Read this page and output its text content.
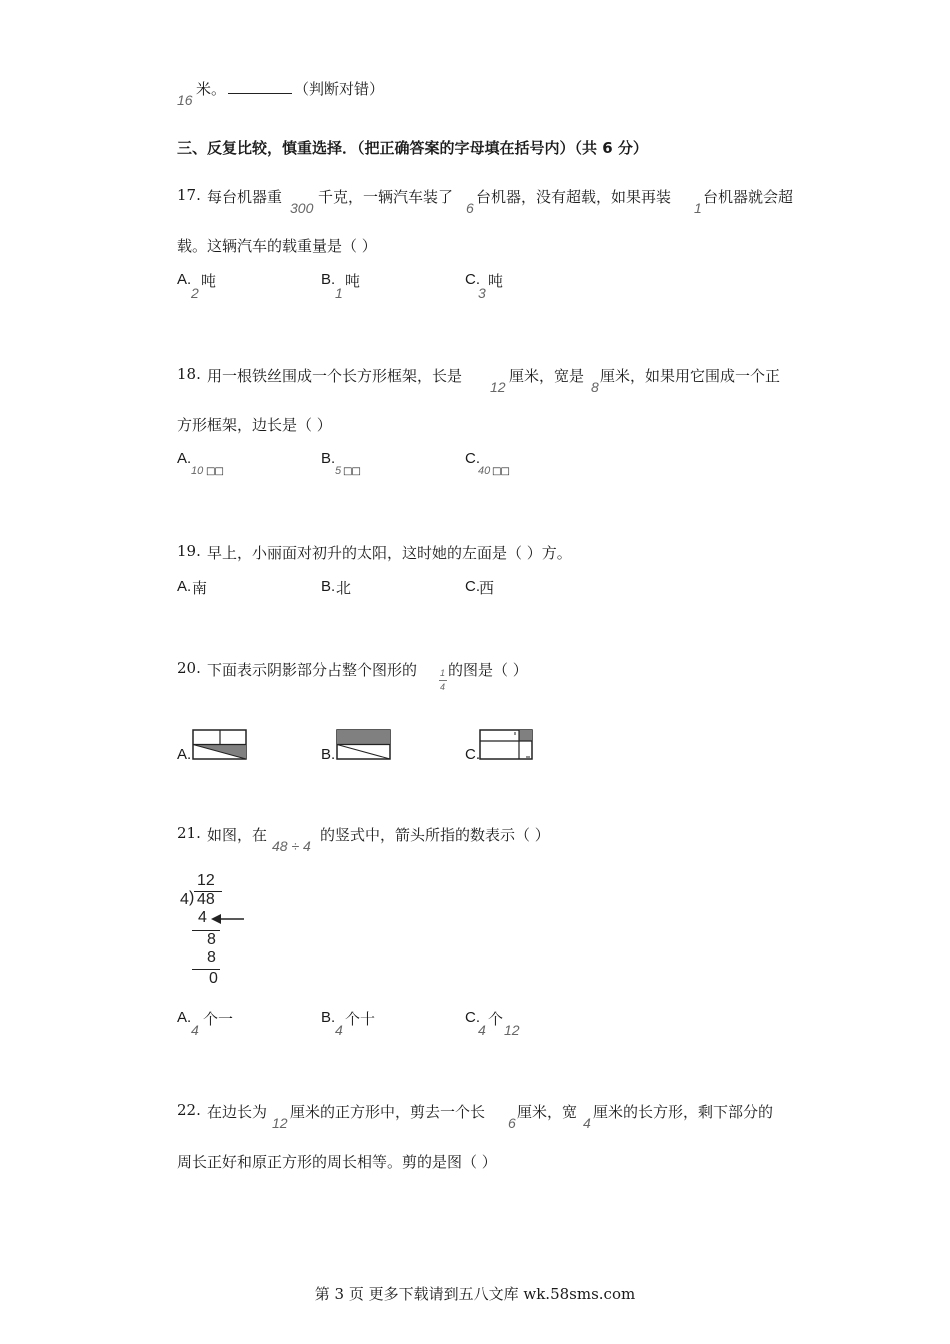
16
米。	（判断对错）
三、反复比较，慎重选择．（把正确答案的字母填在括号内）（共 6 分）
17. 每台机器重
300
千克，一辆汽车装了
6
台机器，没有超载，如果再装
1
台机器就会超
载。这辆汽车的载重量是（ ）
A.
2
吨	B.
1
吨	C.
3
吨
18. 用一根铁丝围成一个长方形框架，长是
12
厘米，宽是
8
厘米，如果用它围成一个正
方形框架，边长是（ ）
A.
10 □□
B.
5 □□
C.
40 □□
19. 早上，小丽面对初升的太阳，这时她的左面是（ ）方。
A. 南	B. 北	C. 西
20. 下面表示阴影部分占整个图形的	1
4
的图是（ ）
A.	B.	C.
21. 如图，在
48 ÷ 4
的竖式中，箭头所指的数表示（ ）
12
4 ) 48
4
8
8
0
A.
4
个一	B.
4
个十	C.
4
个
12
22. 在边长为
12
厘米的正方形中，剪去一个长
6
厘米，宽
4
厘米的长方形，剩下部分的
周长正好和原正方形的周长相等。剪的是图（ ）
第 3 页 更多下载请到五八文库 wk.58sms.com
